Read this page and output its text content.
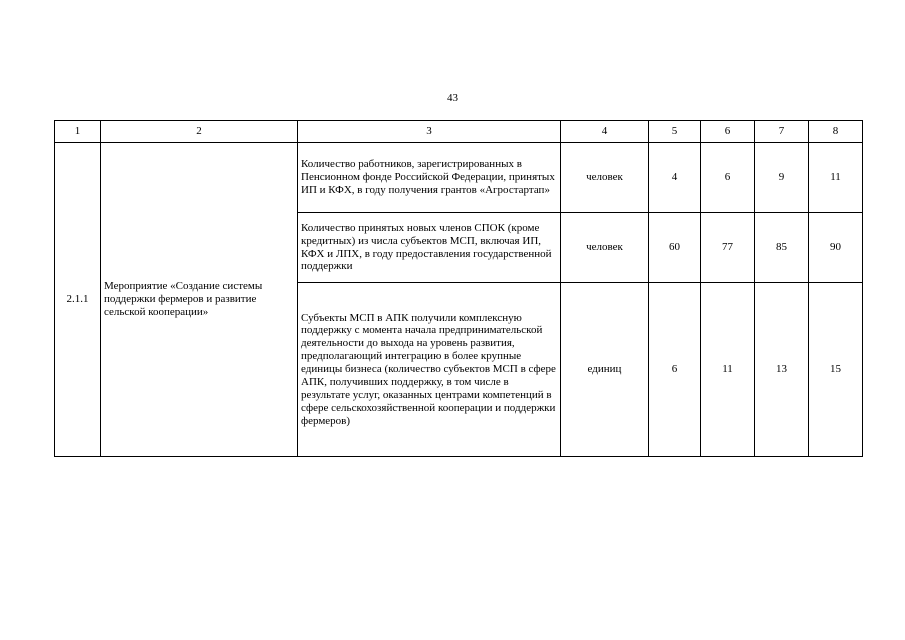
43
1	2	3	4	5	6	7	8
2.1.1	Мероприятие «Создание системы поддержки фермеров и развитие сельской кооперации»	Количество работников, зарегистрированных в Пенсионном фонде Российской Федерации, принятых ИП и КФХ, в году получения грантов «Агростартап»	человек	4	6	9	11
		Количество принятых новых членов СПОК (кроме кредитных) из числа субъектов МСП, включая ИП, КФХ и ЛПХ, в году предоставления государственной поддержки	человек	60	77	85	90
		Субъекты МСП в АПК получили комплексную поддержку с момента начала предпринимательской деятельности до выхода на уровень развития, предполагающий интеграцию в более крупные единицы бизнеса (количество субъектов МСП в сфере АПК, получивших поддержку, в том числе в результате услуг, оказанных центрами компетенций в сфере сельскохозяйственной кооперации и поддержки фермеров)	единиц	6	11	13	15
